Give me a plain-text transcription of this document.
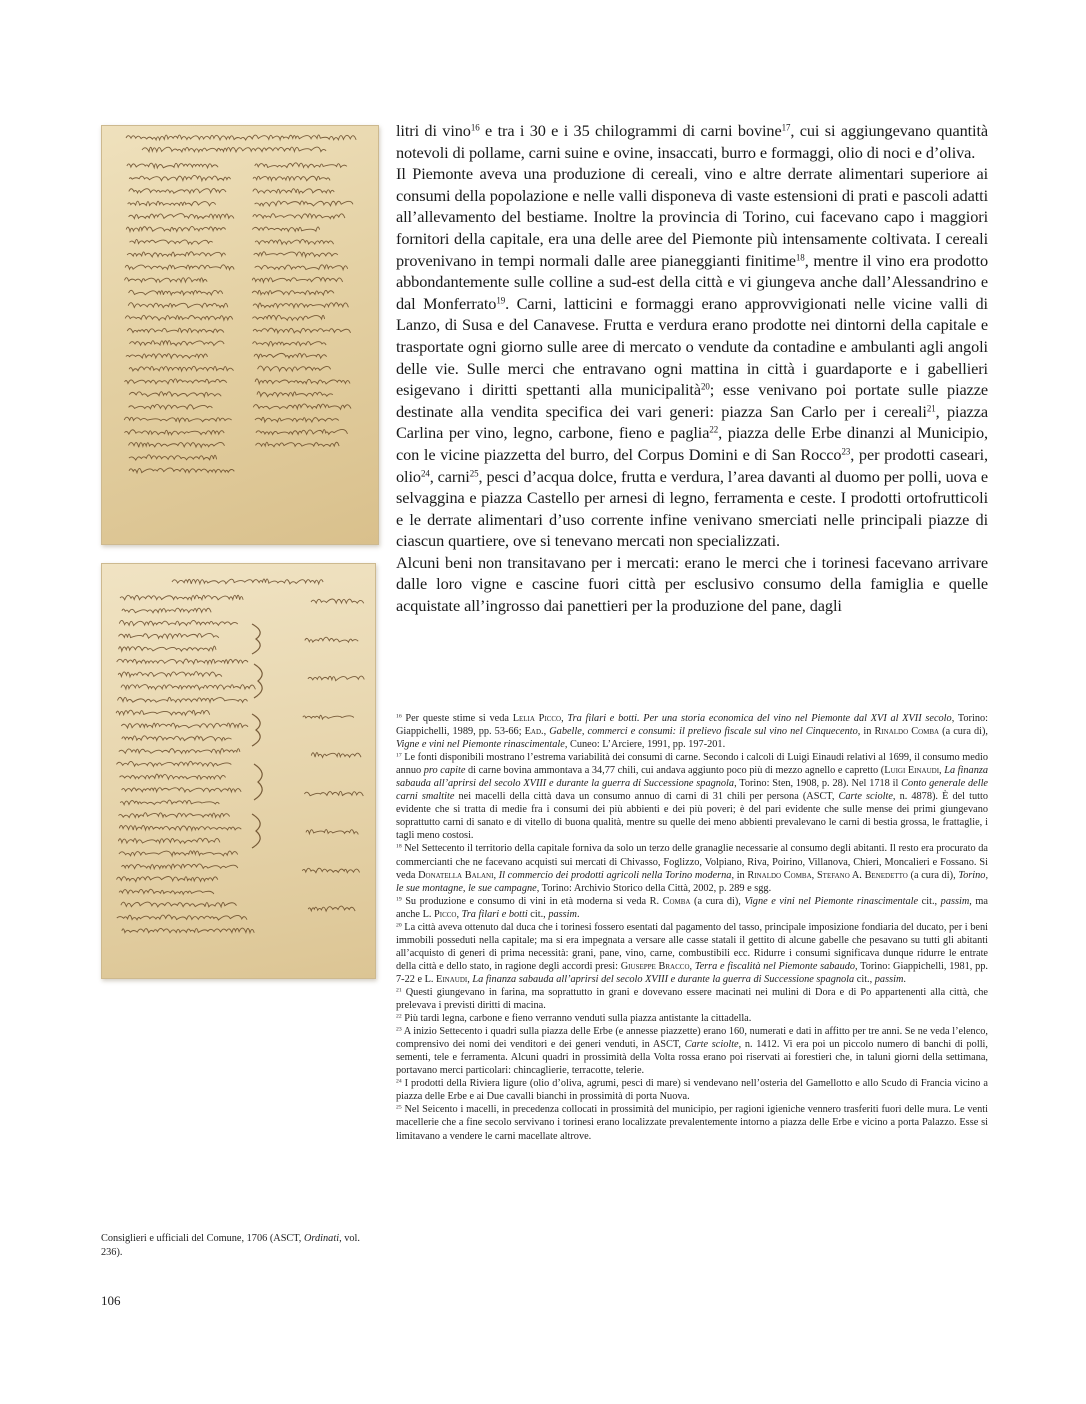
litri di vino$^{16}$ e tra i 30 e i 35 chilogrammi di carni bovine$^{17}$, cui si aggiungevano quantità notevoli di pollame, carni suine e ovine, insaccati, burro e formaggi, olio di noci e d’oliva.

Il Piemonte aveva una produzione di cereali, vino e altre derrate alimentari superiore ai consumi della popolazione e nelle valli disponeva di vaste estensioni di prati e pascoli adatti all’allevamento del bestiame. Inoltre la provincia di Torino, cui facevano capo i maggiori fornitori della capitale, era una delle aree del Piemonte più intensamente coltivata. I cereali provenivano in tempi normali dalle aree pianeggianti finitime$^{18}$, mentre il vino era prodotto abbondantemente sulle colline a sud-est della città e vi giungeva anche dall’Alessandrino e dal Monferrato$^{19}$. Carni, latticini e formaggi erano approvvigionati nelle vicine valli di Lanzo, di Susa e del Canavese. Frutta e verdura erano prodotte nei dintorni della capitale e trasportate ogni giorno sulle aree di mercato o vendute da contadine e ambulanti agli angoli delle vie. Sulle merci che entravano ogni mattina in città i guardaporte e i gabellieri esigevano i diritti spettanti alla municipalità$^{20}$; esse venivano poi portate sulle piazze destinate alla vendita specifica dei vari generi: piazza San Carlo per i cereali$^{21}$, piazza Carlina per vino, legno, carbone, fieno e paglia$^{22}$, piazza delle Erbe dinanzi al Municipio, con le vicine piazzetta del burro, del Corpus Domini e di San Rocco$^{23}$, per prodotti caseari, olio$^{24}$, carni$^{25}$, pesci d’acqua dolce, frutta e verdura, l’area davanti al duomo per polli, uova e selvaggina e piazza Castello per arnesi di legno, ferramenta e ceste. I prodotti ortofrutticoli e le derrate alimentari d’uso corrente infine venivano smerciati nelle principali piazze di ciascun quartiere, ove si tenevano mercati non specializzati.

Alcuni beni non transitavano per i mercati: erano le merci che i torinesi facevano arrivare dalle loro vigne e cascine fuori città per esclusivo consumo della famiglia e quelle acquistate all’ingrosso dai panettieri per la produzione del pane, dagli

$^{16}$ Per queste stime si veda Lelia Picco, Tra filari e botti. Per una storia economica del vino nel Piemonte dal XVI al XVII secolo, Torino: Giappichelli, 1989, pp. 53-66; Ead., Gabelle, commerci e consumi: il prelievo fiscale sul vino nel Cinquecento, in Rinaldo Comba (a cura di), Vigne e vini nel Piemonte rinascimentale, Cuneo: L’Arciere, 1991, pp. 197-201.

$^{17}$ Le fonti disponibili mostrano l’estrema variabilità dei consumi di carne. Secondo i calcoli di Luigi Einaudi relativi al 1699, il consumo medio annuo pro capite di carne bovina ammontava a 34,77 chili, cui andava aggiunto poco più di mezzo agnello e capretto (Luigi Einaudi, La finanza sabauda all’aprirsi del secolo XVIII e durante la guerra di Successione spagnola, Torino: Sten, 1908, p. 28). Nel 1718 il Conto generale delle carni smaltite nei macelli della città dava un consumo annuo di carni di 31 chili per persona (ASCT, Carte sciolte, n. 4878). È del tutto evidente che si tratta di medie fra i consumi dei più abbienti e dei più poveri; è del pari evidente che sulle mense dei primi giungevano soprattutto carni di sanato e di vitello di buona qualità, mentre su quelle dei meno abbienti prevalevano le carni di bestia grossa, le frattaglie, i tagli meno costosi.

$^{18}$ Nel Settecento il territorio della capitale forniva da solo un terzo delle granaglie necessarie al consumo degli abitanti. Il resto era procurato da commercianti che ne facevano acquisti sui mercati di Chivasso, Foglizzo, Volpiano, Riva, Poirino, Villanova, Chieri, Moncalieri e Fossano. Si veda Donatella Balani, Il commercio dei prodotti agricoli nella Torino moderna, in Rinaldo Comba, Stefano A. Benedetto (a cura di), Torino, le sue montagne, le sue campagne, Torino: Archivio Storico della Città, 2002, p. 289 e sgg.

$^{19}$ Su produzione e consumo di vini in età moderna si veda R. Comba (a cura di), Vigne e vini nel Piemonte rinascimentale cit., passim, ma anche L. Picco, Tra filari e botti cit., passim.

$^{20}$ La città aveva ottenuto dal duca che i torinesi fossero esentati dal pagamento del tasso, principale imposizione fondiaria del ducato, per i beni immobili posseduti nella capitale; ma si era impegnata a versare alle casse statali il gettito di alcune gabelle che pesavano su tutti gli abitanti all’acquisto di generi di prima necessità: grani, pane, vino, carne, combustibili ecc. Ridurre i consumi significava dunque ridurre le entrate della città e dello stato, in ragione degli accordi presi: Giuseppe Bracco, Terra e fiscalità nel Piemonte sabaudo, Torino: Giappichelli, 1981, pp. 7-22 e L. Einaudi, La finanza sabauda all’aprirsi del secolo XVIII e durante la guerra di Successione spagnola cit., passim.

$^{21}$ Questi giungevano in farina, ma soprattutto in grani e dovevano essere macinati nei mulini di Dora e di Po appartenenti alla città, che prelevava i previsti diritti di macina.

$^{22}$ Più tardi legna, carbone e fieno verranno venduti sulla piazza antistante la cittadella.

$^{23}$ A inizio Settecento i quadri sulla piazza delle Erbe (e annesse piazzette) erano 160, numerati e dati in affitto per tre anni. Se ne veda l’elenco, comprensivo dei nomi dei venditori e dei generi venduti, in ASCT, Carte sciolte, n. 1412. Vi era poi un piccolo numero di banchi di polli, sementi, tele e ferramenta. Alcuni quadri in prossimità della Volta rossa erano poi riservati ai forestieri che, in taluni giorni della settimana, portavano merci particolari: chincaglierie, terracotte, telerie.

$^{24}$ I prodotti della Riviera ligure (olio d’oliva, agrumi, pesci di mare) si vendevano nell’osteria del Gamellotto e allo Scudo di Francia vicino a piazza delle Erbe e ai Due cavalli bianchi in prossimità di porta Nuova.

$^{25}$ Nel Seicento i macelli, in precedenza collocati in prossimità del municipio, per ragioni igieniche vennero trasferiti fuori delle mura. Le venti macellerie che a fine secolo servivano i torinesi erano localizzate prevalentemente intorno a piazza delle Erbe e vicino a porta Palazzo. Esse si limitavano a vendere le carni macellate altrove.

Consiglieri e ufficiali del Comune, 1706 (ASCT, Ordinati, vol. 236).
106
